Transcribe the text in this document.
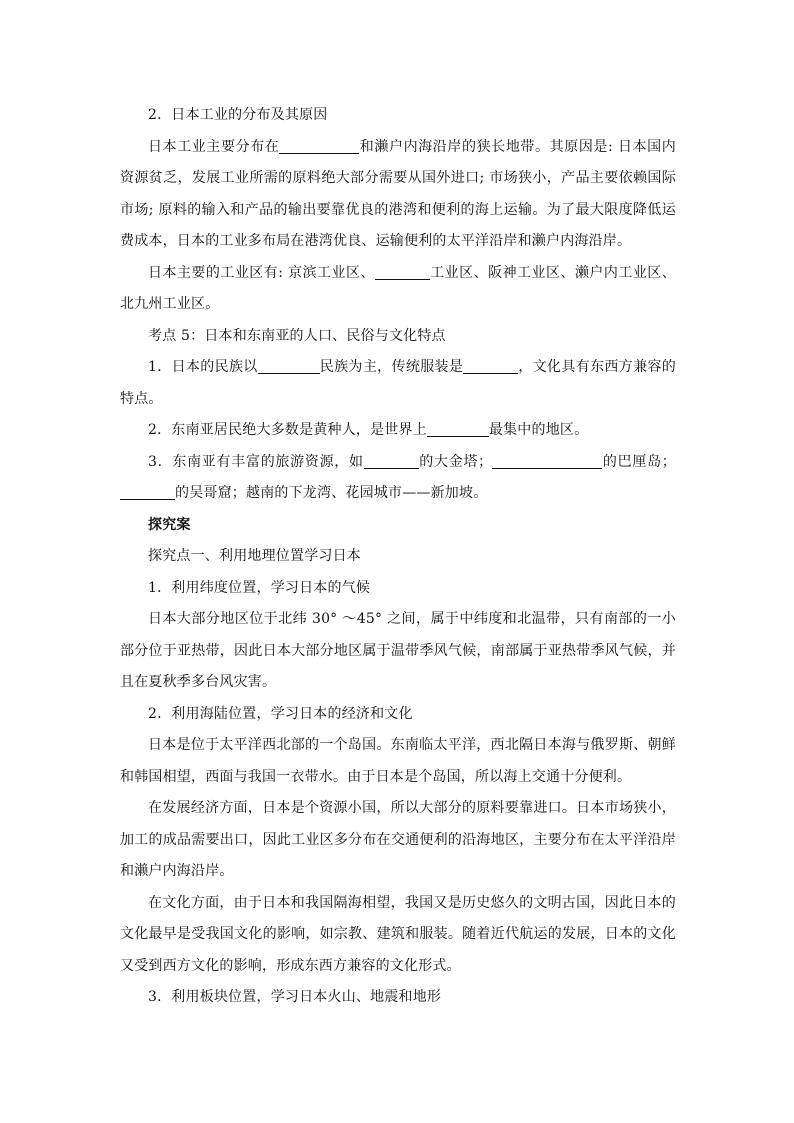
2．日本工业的分布及其原因

日本工业主要分布在	和濑户内海沿岸的狭长地带。其原因是: 日本国内资源贫乏，发展工业所需的原料绝大部分需要从国外进口; 市场狭小，产品主要依赖国际市场; 原料的输入和产品的输出要靠优良的港湾和便利的海上运输。为了最大限度降低运费成本，日本的工业多布局在港湾优良、运输便利的太平洋沿岸和濑户内海沿岸。

日本主要的工业区有: 京滨工业区、	工业区、阪神工业区、濑户内工业区、北九州工业区。

考点 5：日本和东南亚的人口、民俗与文化特点

1．日本的民族以	民族为主，传统服装是	，文化具有东西方兼容的特点。

2．东南亚居民绝大多数是黄种人，是世界上	最集中的地区。

3．东南亚有丰富的旅游资源，如	的大金塔；	的巴厘岛；的吴哥窟；越南的下龙湾、花园城市——新加坡。

探究案

探究点一、利用地理位置学习日本

1．利用纬度位置，学习日本的气候

日本大部分地区位于北纬 30° ～45° 之间，属于中纬度和北温带，只有南部的一小部分位于亚热带，因此日本大部分地区属于温带季风气候，南部属于亚热带季风气候，并且在夏秋季多台风灾害。

2．利用海陆位置，学习日本的经济和文化

日本是位于太平洋西北部的一个岛国。东南临太平洋，西北隔日本海与俄罗斯、朝鲜和韩国相望，西面与我国一衣带水。由于日本是个岛国，所以海上交通十分便利。

在发展经济方面，日本是个资源小国，所以大部分的原料要靠进口。日本市场狭小，加工的成品需要出口，因此工业区多分布在交通便利的沿海地区，主要分布在太平洋沿岸和濑户内海沿岸。

在文化方面，由于日本和我国隔海相望，我国又是历史悠久的文明古国，因此日本的文化最早是受我国文化的影响，如宗教、建筑和服装。随着近代航运的发展，日本的文化又受到西方文化的影响，形成东西方兼容的文化形式。

3．利用板块位置，学习日本火山、地震和地形
